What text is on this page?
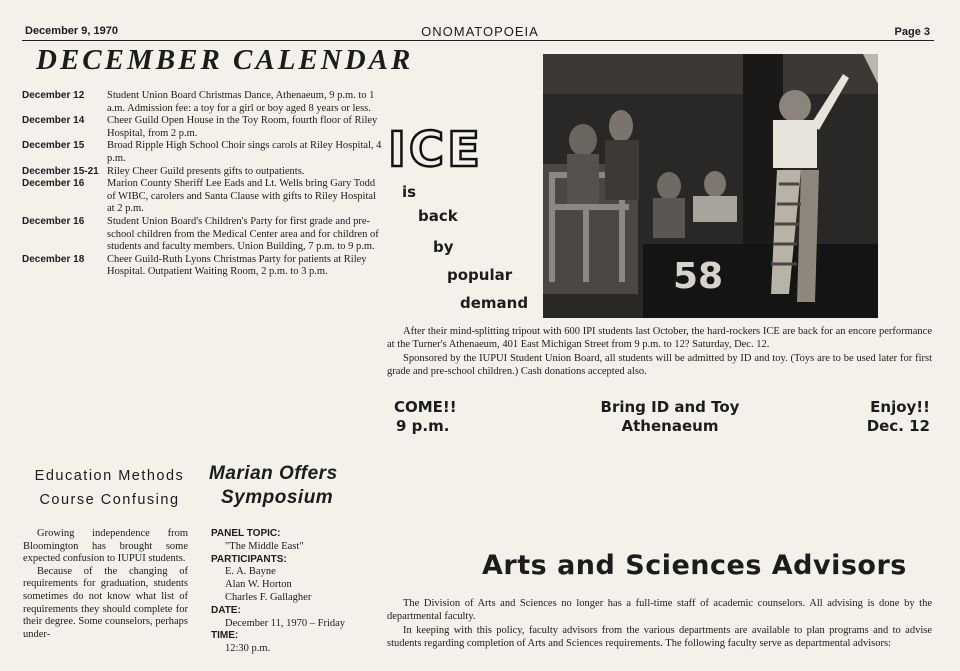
December 9, 1970	ONOMATOPOEIA	Page 3
DECEMBER CALENDAR
December 12	Student Union Board Christmas Dance, Athenaeum, 9 p.m. to 1 a.m. Admission fee: a toy for a girl or boy aged 8 years or less.
December 14	Cheer Guild Open House in the Toy Room, fourth floor of Riley Hospital, from 2 p.m.
December 15	Broad Ripple High School Choir sings carols at Riley Hospital, 4 p.m.
December 15-21 Riley Cheer Guild presents gifts to outpatients.
December 16	Marion County Sheriff Lee Eads and Lt. Wells bring Gary Todd of WIBC, carolers and Santa Clause with gifts to Riley Hospital at 2 p.m.
December 16	Student Union Board's Children's Party for first grade and pre-school children from the Medical Center area and for children of students and faculty members. Union Building, 7 p.m. to 9 p.m.
December 18	Cheer Guild-Ruth Lyons Christmas Party for patients at Riley Hospital. Outpatient Waiting Room, 2 p.m. to 3 p.m.
ICE
is
back
by
popular
demand
58

After their mind-splitting tripout with 600 IPI students last October, the hard-rockers ICE are back for an encore performance at the Turner's Athenaeum, 401 East Michigan Street from 9 p.m. to 12? Saturday, Dec. 12.

Sponsored by the IUPUI Student Union Board, all students will be admitted by ID and toy. (Toys are to be used later for first grade and pre-school children.) Cash donations accepted also.

COME!!
9 p.m.
Bring ID and Toy
Athenaeum
Enjoy!!
Dec. 12
Education Methods
Course Confusing

Growing independence from Bloomington has brought some expected confusion to IUPUI students.

Because of the changing of requirements for graduation, students sometimes do not know what list of requirements they should complete for their degree. Some counselors, perhaps under-

Marian Offers
Symposium
PANEL TOPIC:
"The Middle East"
PARTICIPANTS:
E. A. Bayne
Alan W. Horton
Charles F. Gallagher
DATE:
December 11, 1970 – Friday
TIME:
12:30 p.m.
Arts and Sciences Advisors

The Division of Arts and Sciences no longer has a full-time staff of academic counselors. All advising is done by the departmental faculty.

In keeping with this policy, faculty advisors from the various departments are available to plan programs and to advise students regarding completion of Arts and Sciences requirements. The following faculty serve as departmental advisors:
